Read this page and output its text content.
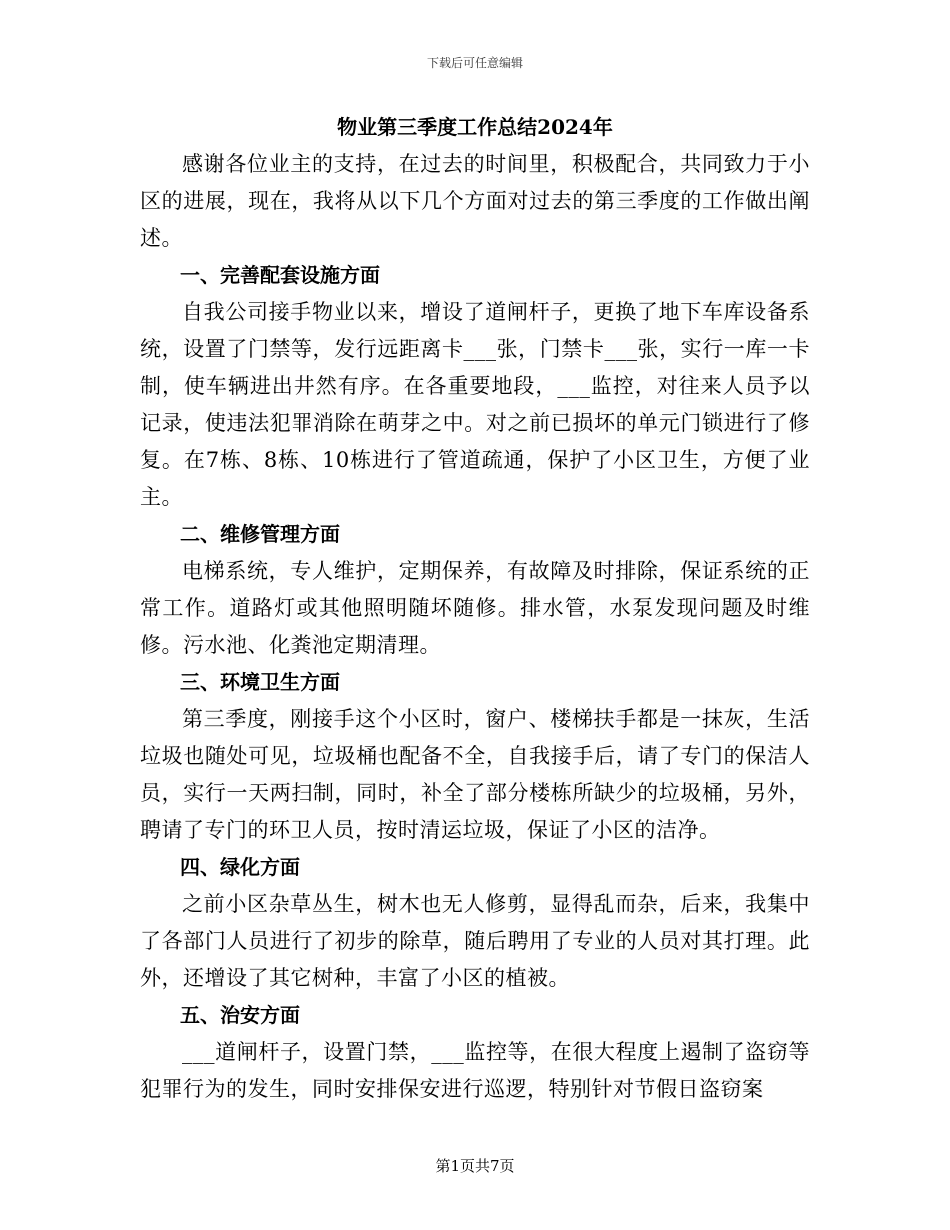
下载后可任意编辑
物业第三季度工作总结2024年

感谢各位业主的支持，在过去的时间里，积极配合，共同致力于小区的进展，现在，我将从以下几个方面对过去的第三季度的工作做出阐述。

一、完善配套设施方面

自我公司接手物业以来，增设了道闸杆子，更换了地下车库设备系统，设置了门禁等，发行远距离卡___张，门禁卡___张，实行一库一卡制，使车辆进出井然有序。在各重要地段，___监控，对往来人员予以记录，使违法犯罪消除在萌芽之中。对之前已损坏的单元门锁进行了修复。在7栋、8栋、10栋进行了管道疏通，保护了小区卫生，方便了业主。

二、维修管理方面

电梯系统，专人维护，定期保养，有故障及时排除，保证系统的正常工作。道路灯或其他照明随坏随修。排水管，水泵发现问题及时维修。污水池、化粪池定期清理。

三、环境卫生方面

第三季度，刚接手这个小区时，窗户、楼梯扶手都是一抹灰，生活垃圾也随处可见，垃圾桶也配备不全，自我接手后，请了专门的保洁人员，实行一天两扫制，同时，补全了部分楼栋所缺少的垃圾桶，另外，聘请了专门的环卫人员，按时清运垃圾，保证了小区的洁净。

四、绿化方面

之前小区杂草丛生，树木也无人修剪，显得乱而杂，后来，我集中了各部门人员进行了初步的除草，随后聘用了专业的人员对其打理。此外，还增设了其它树种，丰富了小区的植被。

五、治安方面

___道闸杆子，设置门禁，___监控等，在很大程度上遏制了盗窃等犯罪行为的发生，同时安排保安进行巡逻，特别针对节假日盗窃案

第1页共7页
